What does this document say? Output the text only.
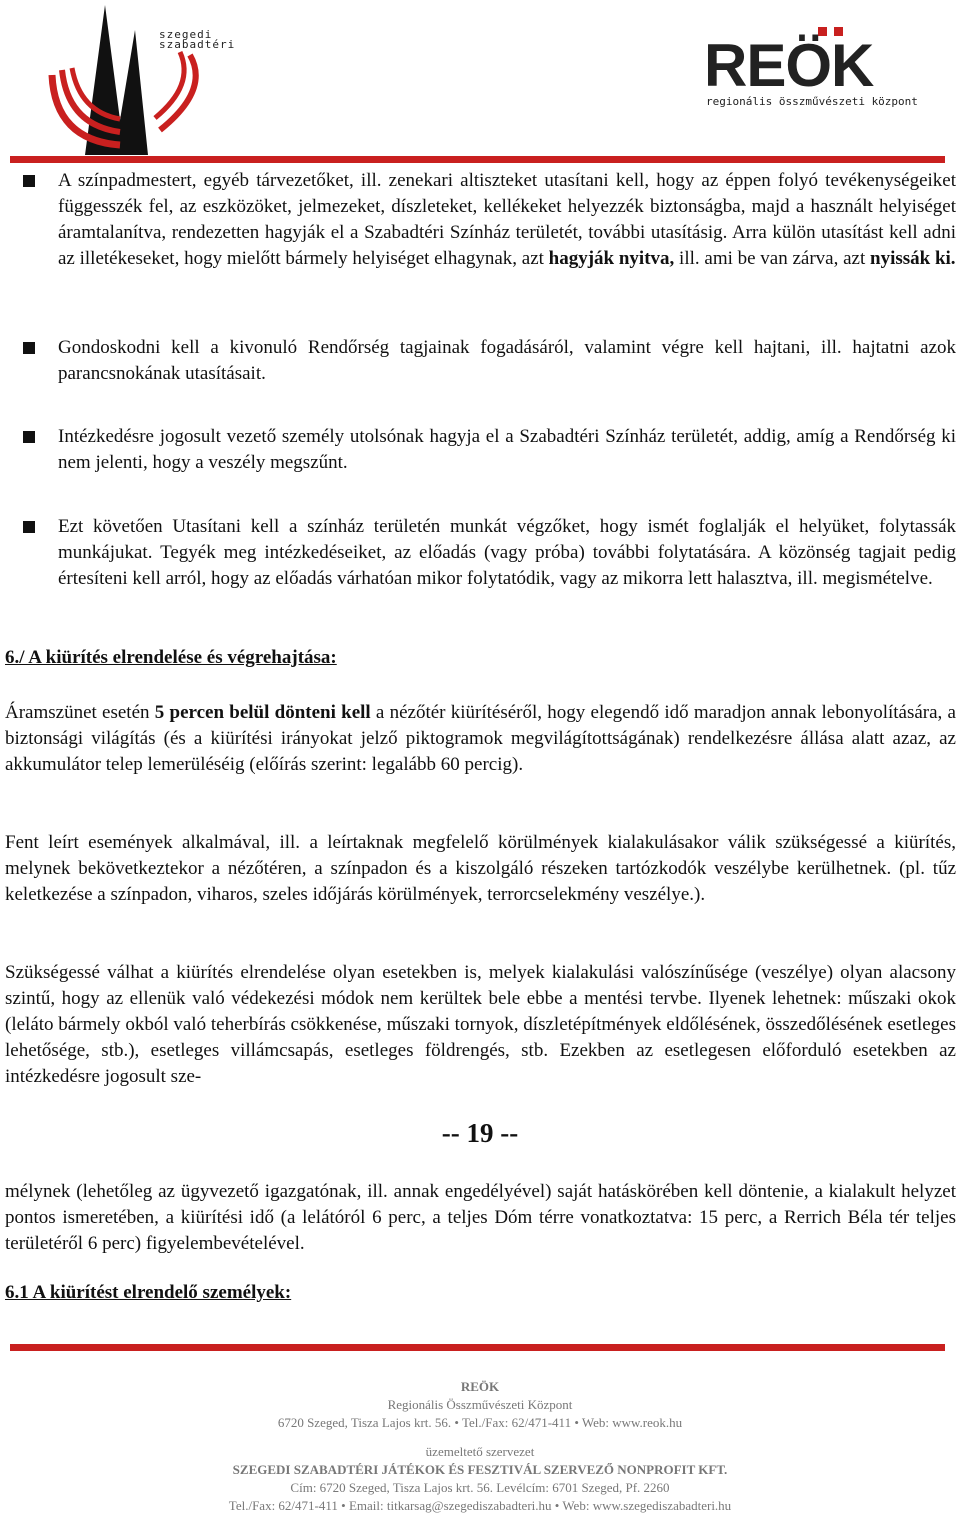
szegedi
szabadtéri	REÖK
regionális összművészeti központ
A színpadmestert, egyéb tárvezetőket, ill. zenekari altiszteket utasítani kell, hogy az éppen folyó tevékenységeiket függesszék fel, az eszközöket, jelmezeket, díszleteket, kellékeket helyezzék biztonságba, majd a használt helyiséget áramtalanítva, rendezetten hagyják el a Szabadtéri Színház területét, további utasításig. Arra külön utasítást kell adni az illetékeseket, hogy mielőtt bármely helyiséget elhagynak, azt hagyják nyitva, ill. ami be van zárva, azt nyissák ki.
Gondoskodni kell a kivonuló Rendőrség tagjainak fogadásáról, valamint végre kell hajtani, ill. hajtatni azok parancsnokának utasításait.
Intézkedésre jogosult vezető személy utolsónak hagyja el a Szabadtéri Színház területét, addig, amíg a Rendőrség ki nem jelenti, hogy a veszély megszűnt.
Ezt követően Utasítani kell a színház területén munkát végzőket, hogy ismét foglalják el helyüket, folytassák munkájukat. Tegyék meg intézkedéseiket, az előadás (vagy próba) további folytatására. A közönség tagjait pedig értesíteni kell arról, hogy az előadás várhatóan mikor folytatódik, vagy az mikorra lett halasztva, ill. megismételve.
6./ A kiürítés elrendelése és végrehajtása:
Áramszünet esetén 5 percen belül dönteni kell a nézőtér kiürítéséről, hogy elegendő idő maradjon annak lebonyolítására, a biztonsági világítás (és a kiürítési irányokat jelző piktogramok megvilágítottságának) rendelkezésre állása alatt azaz, az akkumulátor telep lemerüléséig (előírás szerint: legalább 60 percig).
Fent leírt események alkalmával, ill. a leírtaknak megfelelő körülmények kialakulásakor válik szükségessé a kiürítés, melynek bekövetkeztekor a nézőtéren, a színpadon és a kiszolgáló részeken tartózkodók veszélybe kerülhetnek. (pl. tűz keletkezése a színpadon, viharos, szeles időjárás körülmények, terrorcselekmény veszélye.).
Szükségessé válhat a kiürítés elrendelése olyan esetekben is, melyek kialakulási valószínűsége (veszélye) olyan alacsony szintű, hogy az ellenük való védekezési módok nem kerültek bele ebbe a mentési tervbe. Ilyenek lehetnek: műszaki okok (leláto bármely okból való teherbírás csökkenése, műszaki tornyok, díszletépítmények eldőlésének, összedőlésének esetleges lehetősége, stb.), esetleges villámcsapás, esetleges földrengés, stb. Ezekben az esetlegesen előforduló esetekben az intézkedésre jogosult sze-
-- 19 --
mélynek (lehetőleg az ügyvezető igazgatónak, ill. annak engedélyével) saját hatáskörében kell döntenie, a kialakult helyzet pontos ismeretében, a kiürítési idő (a lelátóról 6 perc, a teljes Dóm térre vonatkoztatva: 15 perc, a Rerrich Béla tér teljes területéről 6 perc) figyelembevételével.
6.1 A kiürítést elrendelő személyek:
REÖK
Regionális Összművészeti Központ
6720 Szeged, Tisza Lajos krt. 56. • Tel./Fax: 62/471-411 • Web: www.reok.hu
üzemeltető szervezet
SZEGEDI SZABADTÉRI JÁTÉKOK ÉS FESZTIVÁL SZERVEZŐ NONPROFIT KFT.
Cím: 6720 Szeged, Tisza Lajos krt. 56. Levélcím: 6701 Szeged, Pf. 2260
Tel./Fax: 62/471-411 • Email: titkarsag@szegediszabadteri.hu • Web: www.szegediszabadteri.hu
